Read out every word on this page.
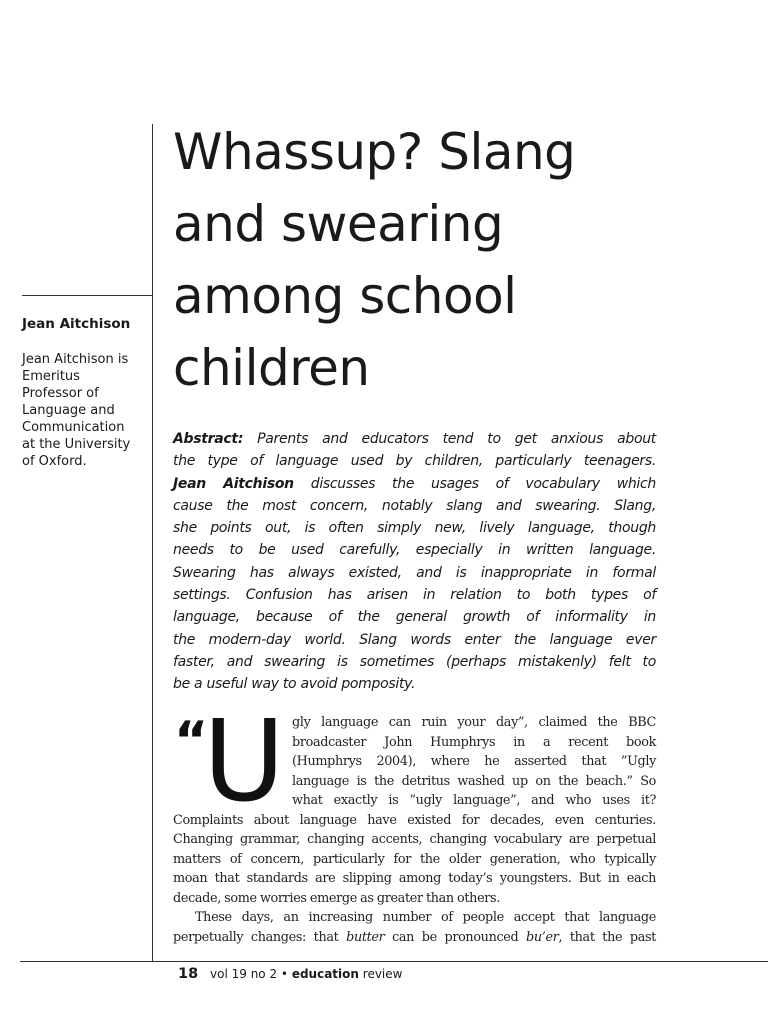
Whassup? Slang
and swearing
among school
children
Jean Aitchison
Jean Aitchison is
Emeritus
Professor of
Language and
Communication
at the University
of Oxford.
Abstract: Parents and educators tend to get anxious about
the type of language used by children, particularly teenagers.
Jean Aitchison discusses the usages of vocabulary which
cause the most concern, notably slang and swearing. Slang,
she points out, is often simply new, lively language, though
needs to be used carefully, especially in written language.
Swearing has always existed, and is inappropriate in formal
settings. Confusion has arisen in relation to both types of
language, because of the general growth of informality in
the modern-day world. Slang words enter the language ever
faster, and swearing is sometimes (perhaps mistakenly) felt to
be a useful way to avoid pomposity.
“
U gly language can ruin your day”, claimed the BBC
broadcaster John Humphrys in a recent book
(Humphrys 2004), where he asserted that ”Ugly
language is the detritus washed up on the beach.” So
what exactly is ”ugly language”, and who uses it?
Complaints about language have existed for decades, even centuries.
Changing grammar, changing accents, changing vocabulary are perpetual
matters of concern, particularly for the older generation, who typically
moan that standards are slipping among today’s youngsters. But in each
decade, some worries emerge as greater than others.
These days, an increasing number of people accept that language
perpetually changes: that butter can be pronounced bu’er, that the past
18 vol 19 no 2 • education review
